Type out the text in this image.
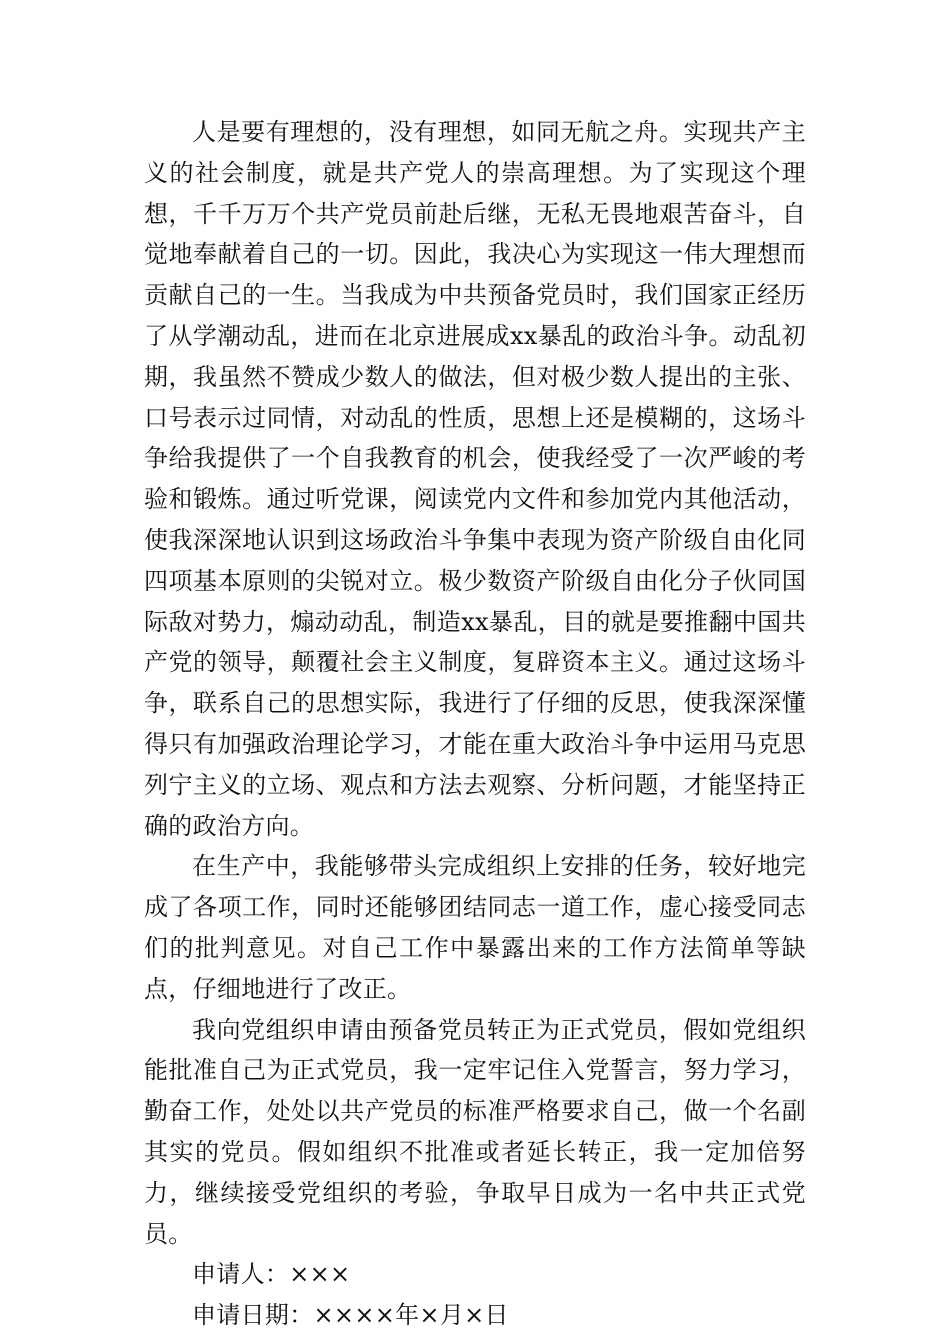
人是要有理想的，没有理想，如同无航之舟。实现共产主义的社会制度，就是共产党人的崇高理想。为了实现这个理想，千千万万个共产党员前赴后继，无私无畏地艰苦奋斗，自觉地奉献着自己的一切。因此，我决心为实现这一伟大理想而贡献自己的一生。当我成为中共预备党员时，我们国家正经历了从学潮动乱，进而在北京进展成xx暴乱的政治斗争。动乱初期，我虽然不赞成少数人的做法，但对极少数人提出的主张、口号表示过同情，对动乱的性质，思想上还是模糊的，这场斗争给我提供了一个自我教育的机会，使我经受了一次严峻的考验和锻炼。通过听党课，阅读党内文件和参加党内其他活动，使我深深地认识到这场政治斗争集中表现为资产阶级自由化同四项基本原则的尖锐对立。极少数资产阶级自由化分子伙同国际敌对势力，煽动动乱，制造xx暴乱，目的就是要推翻中国共产党的领导，颠覆社会主义制度，复辟资本主义。通过这场斗争，联系自己的思想实际，我进行了仔细的反思，使我深深懂得只有加强政治理论学习，才能在重大政治斗争中运用马克思列宁主义的立场、观点和方法去观察、分析问题，才能坚持正确的政治方向。

在生产中，我能够带头完成组织上安排的任务，较好地完成了各项工作，同时还能够团结同志一道工作，虚心接受同志们的批判意见。对自己工作中暴露出来的工作方法简单等缺点，仔细地进行了改正。

我向党组织申请由预备党员转正为正式党员，假如党组织能批准自己为正式党员，我一定牢记住入党誓言，努力学习，勤奋工作，处处以共产党员的标准严格要求自己，做一个名副其实的党员。假如组织不批准或者延长转正，我一定加倍努力，继续接受党组织的考验，争取早日成为一名中共正式党员。

申请人：×××

申请日期：××××年×月×日
